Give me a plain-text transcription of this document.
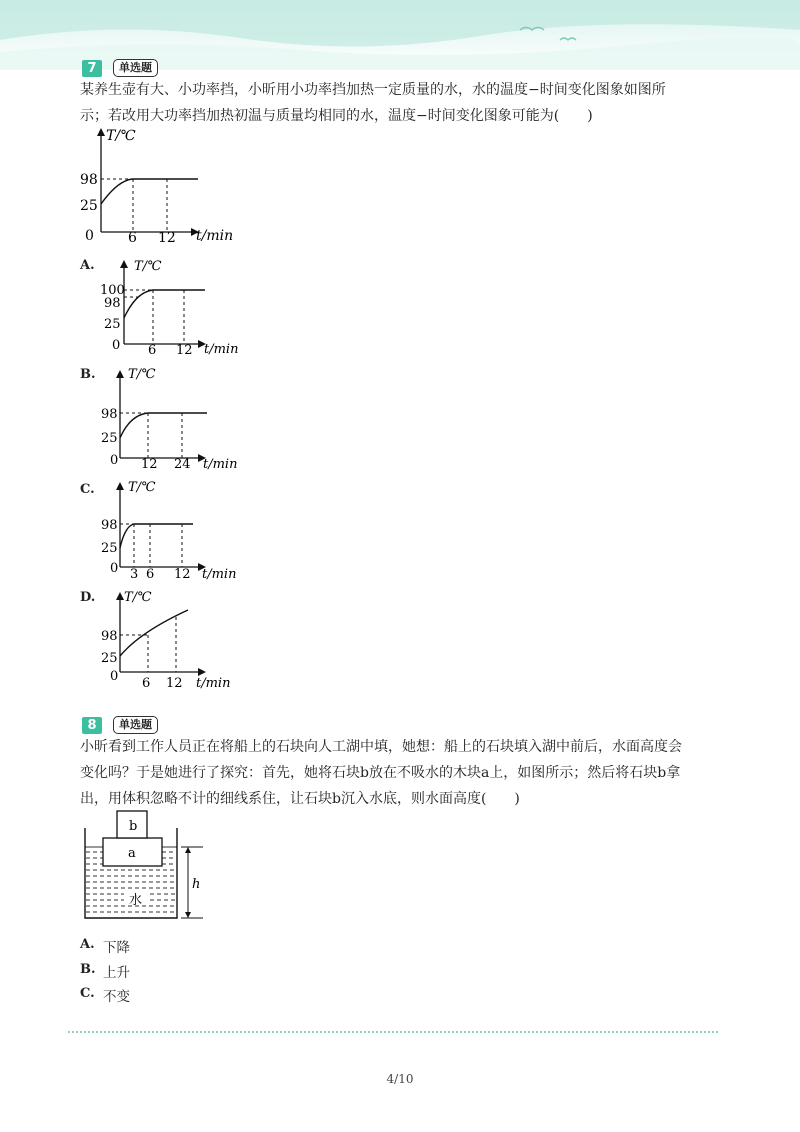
7	单选题

某养生壶有大、小功率挡，小昕用小功率挡加热一定质量的水，水的温度−时间变化图象如图所

示；若改用大功率挡加热初温与质量均相同的水，温度−时间变化图象可能为(　　)

T/℃
t/min
0
98
25
6 12
A.	T/℃
t/min
0
100
98
25
6 12
B. T/℃
t/min
0
98
25
12 24
C.	T/℃
t/min
0
98
25
3 6 12
D. T/℃
t/min
0
98
25
6 12
8	单选题

小昕看到工作人员正在将船上的石块向人工湖中填，她想：船上的石块填入湖中前后，水面高度会

变化吗？于是她进行了探究：首先，她将石块b放在不吸水的木块a上，如图所示；然后将石块b拿

出，用体积忽略不计的细线系住，让石块b沉入水底，则水面高度(　　)

b
a
水
h
A. 下降
B. 上升
C. 不变
4/10
